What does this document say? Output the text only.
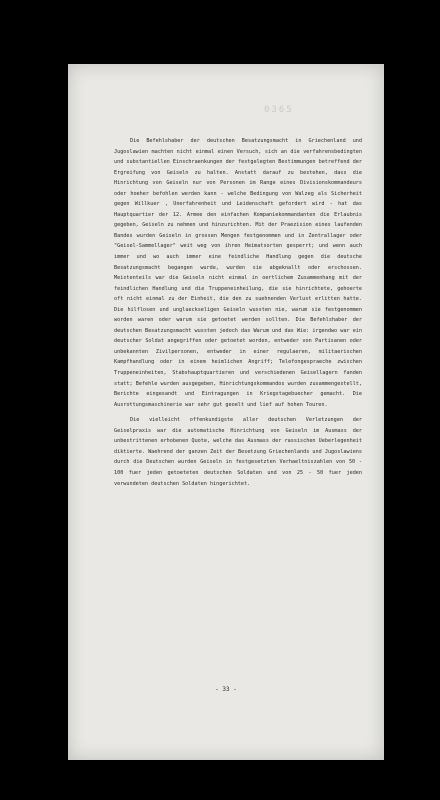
0365

Die Befehlshaber der deutschen Besatzungsmacht in Griechenland und Jugoslawien machten nicht einmal einen Versuch, sich an die verfahrensbedingten und substantiellen Einschraenkungen der festgelegten Bestimmungen betreffend der Ergreifung von Geiseln zu halten. Anstatt darauf zu bestehen, dass die Hinrichtung von Geiseln nur von Personen im Range eines Divisionskommandeurs oder hoeher befohlen werden kann - welche Bedingung von Walzeg als Sicherheit gegen Willkuer , Unerfahrenheit und Leidenschaft gefordert wird - hat das Hauptquartier der 12. Armee den einfachen Kompaniekommandanten die Erlaubnis gegeben, Geiseln zu nehmen und hinzurichten. Mit der Praezision eines laufenden Bandes wurden Geiseln in grossen Mengen festgenommen und in Zentrallager oder "Geisel-Sammellager" weit weg von ihren Heimatsorten gesperrt; und wenn auch immer und wo auch immer eine feindliche Handlung gegen die deutsche Besatzungsmacht begangen wurde, wurden sie abgeknallt oder erschossen. Meistenteils war die Geiseln nicht einmal in oertlichem Zusammenhang mit der feindlichen Handlung und die Truppeneinheilung, die sie hinrichtete, gehoerte oft nicht einmal zu der Einheit, die den zu suehnenden Verlust erlitten hatte. Die hilflosen und unglueckseligen Geiseln wussten nie, warum sie festgenommen worden waren oder warum sie getoetet werden sollten. Die Befehlshaber der deutschen Besatzungsmacht wussten jedoch das Warum und das Wie: irgendwo war ein deutscher Soldat angegriffen oder getoetet worden, entweder von Partisanen oder unbekannten Zivilpersonen, entweder in einer regulaeren, militaerischen Kampfhandlung oder in einem heimlichen Angriff; Telefongespraeche zwischen Truppeneinheiten, Stabshauptquartieren und verschiedenen Geisellagern fanden statt; Befehle wurden ausgegeben, Hinrichtungskommandos wurden zusammengestellt, Berichte eingesandt und Eintragungen in Kriegstagebuecher gemacht. Die Ausrottungsmaschinerie war sehr gut geoelt und lief auf hohen Touren.

Die vielleicht offenkundigste aller deutschen Verletzungen der Geiselpraxis war die automatische Hinrichtung von Geiseln im Ausmass der unbestrittenen erhobenen Quote, welche das Ausmass der rassischen Ueberlegenheit diktierte. Waehrend der ganzen Zeit der Besetzung Griechenlands und Jugoslawiens durch die Deutschen wurden Geiseln in festgesetzten Verhaeltniszahlen von 50 - 100 fuer jeden getoeteten deutschen Soldaten und von 25 - 50 fuer jeden verwundeten deutschen Soldaten hingerichtet.

- 33 -
